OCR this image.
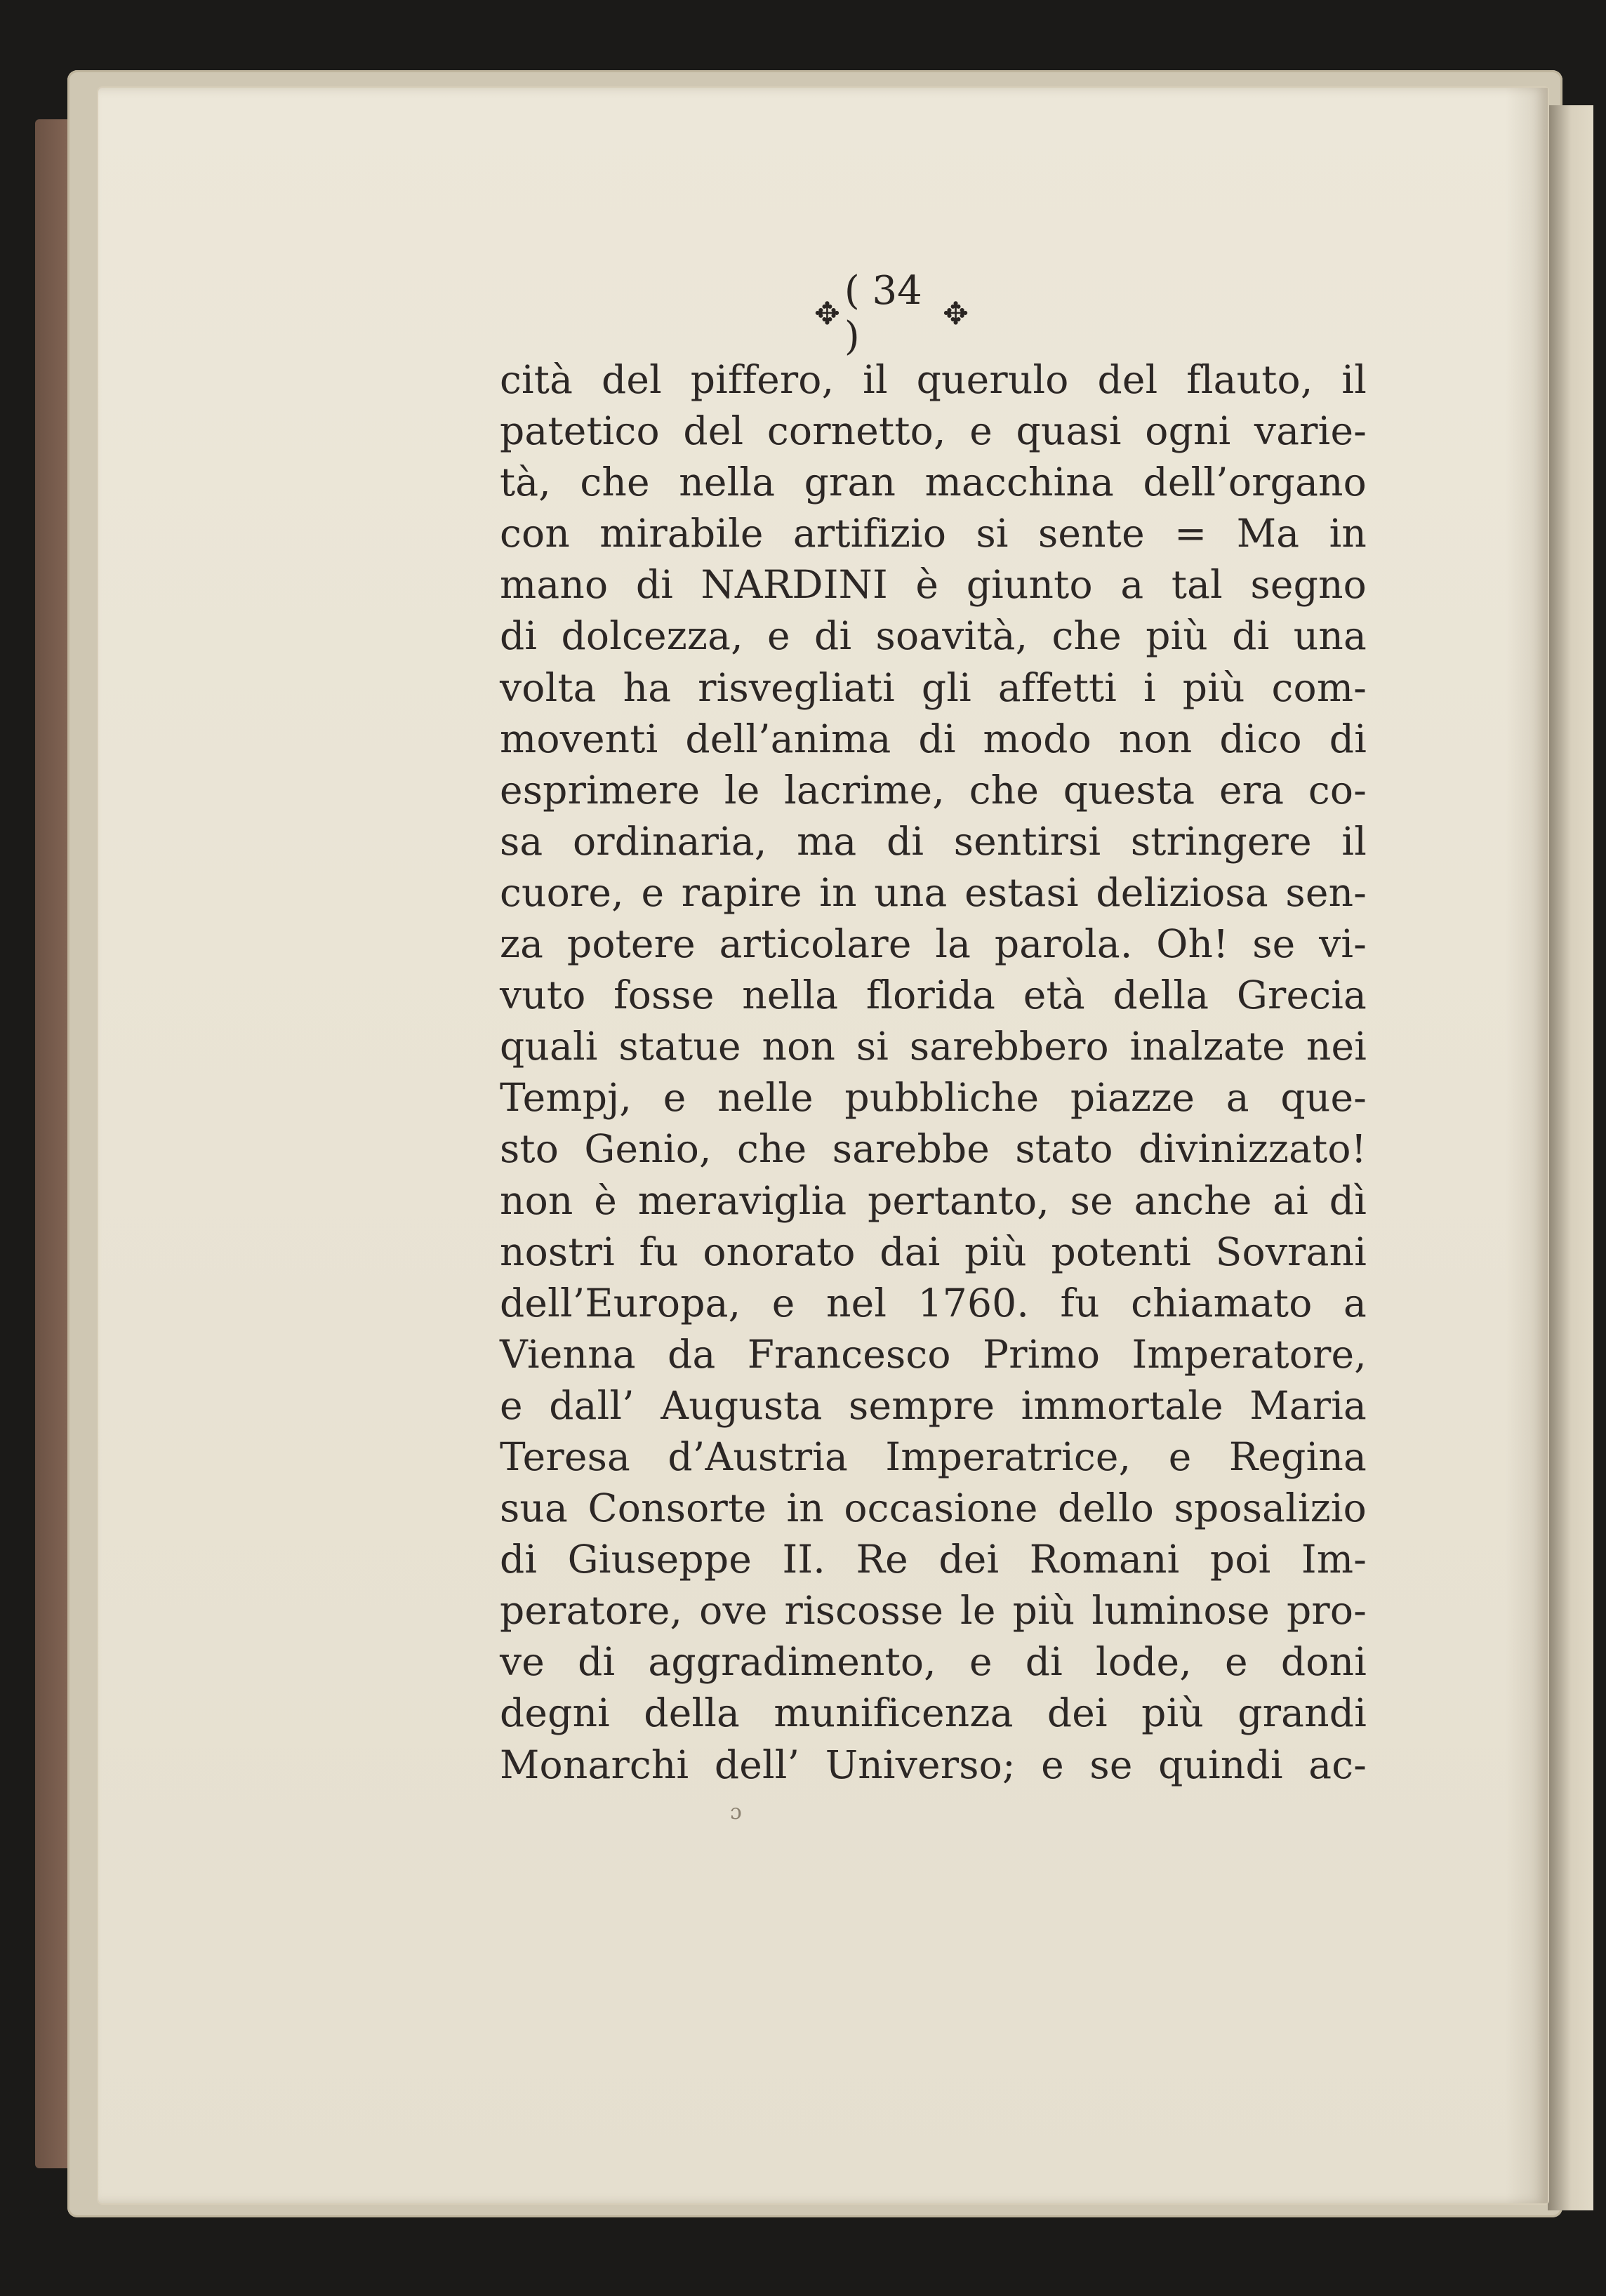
✥ ( 34 )	✥
cità del piffero, il querulo del flauto, il
patetico del cornetto, e quasi ogni varie-
tà, che nella gran macchina dell’organo
con mirabile artifizio si sente = Ma in
mano di NARDINI è giunto a tal segno
di dolcezza, e di soavità, che più di una
volta ha risvegliati gli affetti i più com-
moventi dell’anima di modo non dico di
esprimere le lacrime, che questa era co-
sa ordinaria, ma di sentirsi stringere il
cuore, e rapire in una estasi deliziosa sen-
za potere articolare la parola. Oh! se vi-
vuto fosse nella florida età della Grecia
quali statue non si sarebbero inalzate nei
Tempj, e nelle pubbliche piazze a que-
sto Genio, che sarebbe stato divinizzato!
non è meraviglia pertanto, se anche ai dì
nostri fu onorato dai più potenti Sovrani
dell’Europa, e nel 1760. fu chiamato a
Vienna da Francesco Primo Imperatore,
e dall’ Augusta sempre immortale Maria
Teresa d’Austria Imperatrice, e Regina
sua Consorte in occasione dello sposalizio
di Giuseppe II. Re dei Romani poi Im-
peratore, ove riscosse le più luminose pro-
ve di aggradimento, e di lode, e doni
degni della munificenza dei più grandi
Monarchi dell’ Universo; e se quindi ac-
ɔ
